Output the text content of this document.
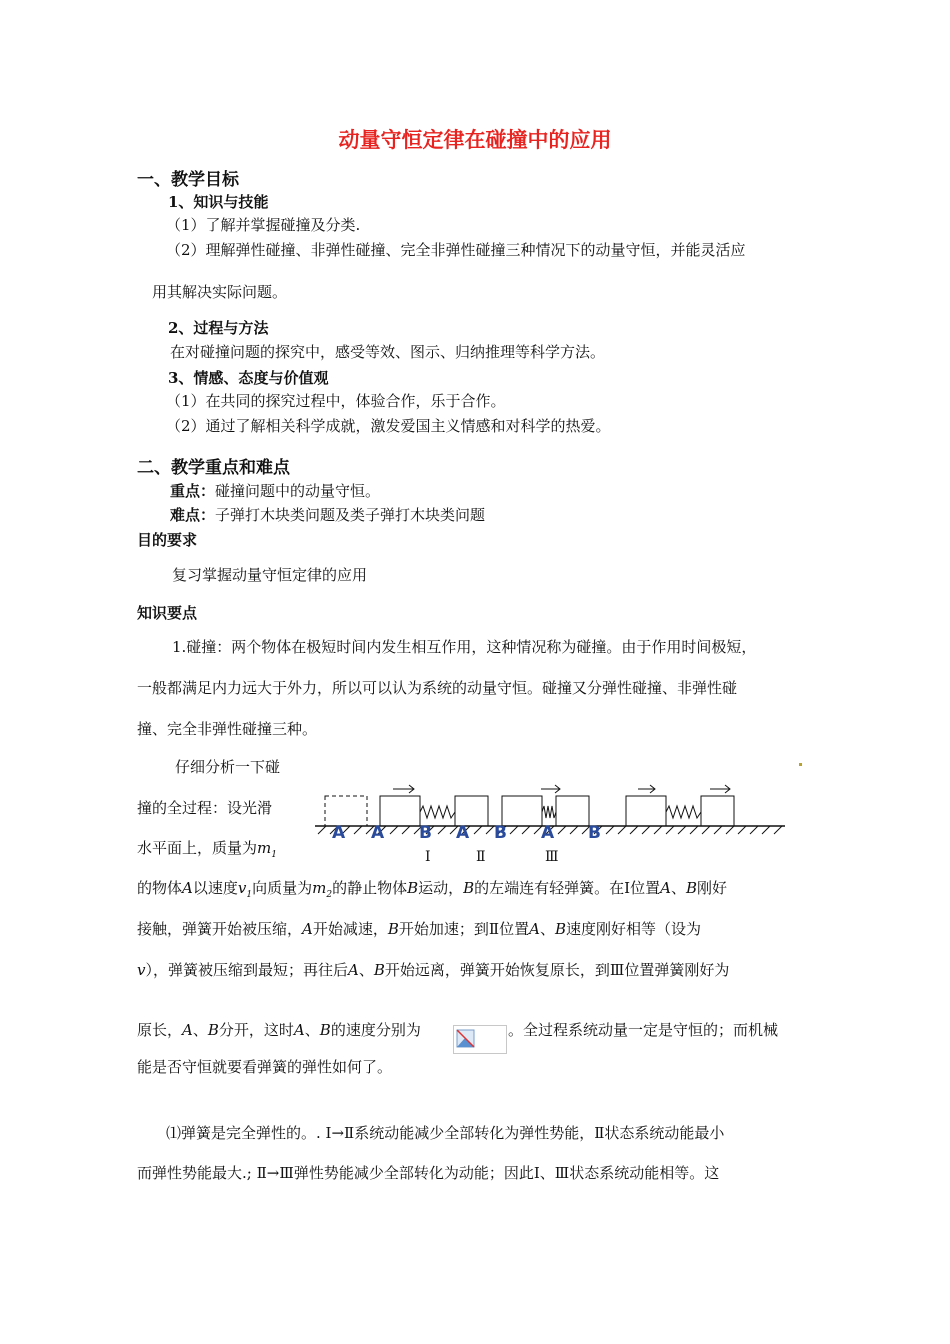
动量守恒定律在碰撞中的应用
一、教学目标
1、知识与技能
（1）了解并掌握碰撞及分类.
（2）理解弹性碰撞、非弹性碰撞、完全非弹性碰撞三种情况下的动量守恒，并能灵活应
用其解决实际问题。
2、过程与方法
在对碰撞问题的探究中，感受等效、图示、归纳推理等科学方法。
3、情感、态度与价值观
（1）在共同的探究过程中，体验合作，乐于合作。
（2）通过了解相关科学成就，激发爱国主义情感和对科学的热爱。
二、教学重点和难点
重点：碰撞问题中的动量守恒。
难点：子弹打木块类问题及类子弹打木块类问题
目的要求
复习掌握动量守恒定律的应用
知识要点
1.碰撞：两个物体在极短时间内发生相互作用，这种情况称为碰撞。由于作用时间极短，
一般都满足内力远大于外力，所以可以认为系统的动量守恒。碰撞又分弹性碰撞、非弹性碰
撞、完全非弹性碰撞三种。
仔细分析一下碰
撞的全过程：设光滑
水平面上，质量为$m_1$
A A B A B A B
Ⅰ	Ⅱ	Ⅲ
的物体A以速度$v_1$向质量为$m_2$的静止物体B运动，B的左端连有轻弹簧。在Ⅰ位置A、B刚好
接触，弹簧开始被压缩，A开始减速，B开始加速；到Ⅱ位置A、B速度刚好相等（设为
v），弹簧被压缩到最短；再往后A、B开始远离，弹簧开始恢复原长，到Ⅲ位置弹簧刚好为
原长，A、B分开，这时A、B的速度分别为	。全过程系统动量一定是守恒的；而机械
能是否守恒就要看弹簧的弹性如何了。
⑴弹簧是完全弹性的。. Ⅰ→Ⅱ系统动能减少全部转化为弹性势能，Ⅱ状态系统动能最小
而弹性势能最大.; Ⅱ→Ⅲ弹性势能减少全部转化为动能；因此Ⅰ、Ⅲ状态系统动能相等。这
